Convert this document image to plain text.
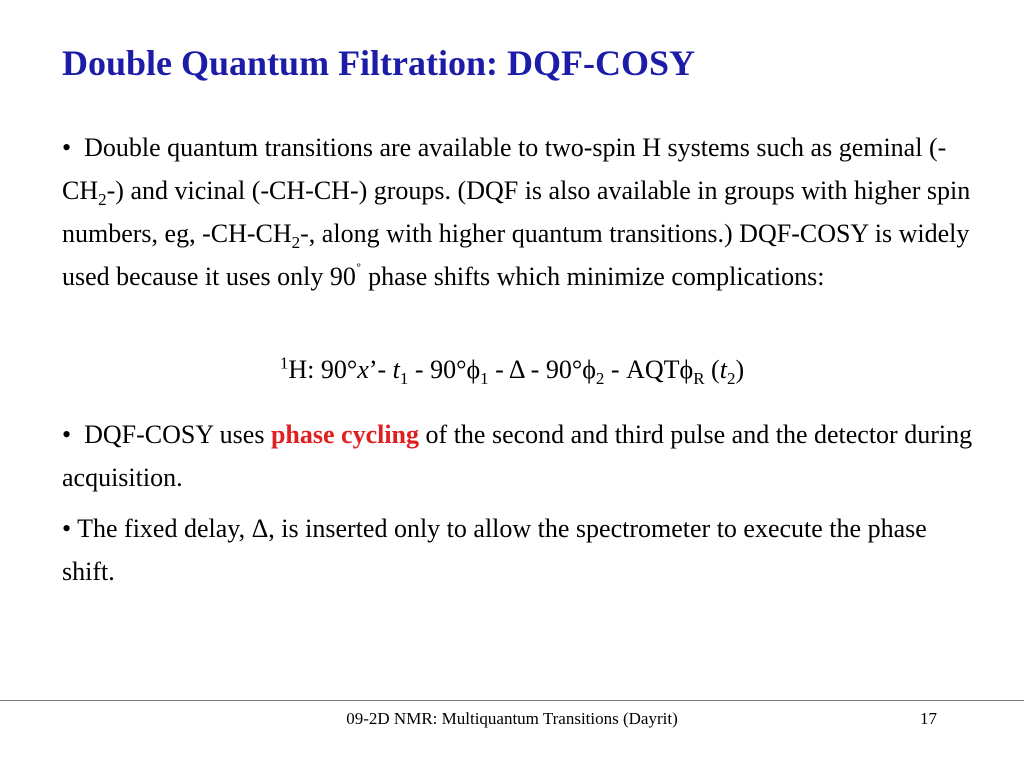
Double Quantum Filtration: DQF-COSY
• Double quantum transitions are available to two-spin H systems such as geminal $(-CH_2-)$ and vicinal (-CH-CH-) groups. (DQF is also available in groups with higher spin numbers, eg, $-CH-CH_2-$, along with higher quantum transitions.) DQF-COSY is widely used because it uses only 90˚ phase shifts which minimize complications:
$^1$H: 90°x’- $t_1 - 90^\circ\phi_1$ - Δ - $90^\circ\phi_2 - AQT\phi_R$ $(t_2)$
• DQF-COSY uses phase cycling of the second and third pulse and the detector during acquisition.
• The fixed delay, Δ, is inserted only to allow the spectrometer to execute the phase shift.
09-2D NMR: Multiquantum Transitions (Dayrit)	17
